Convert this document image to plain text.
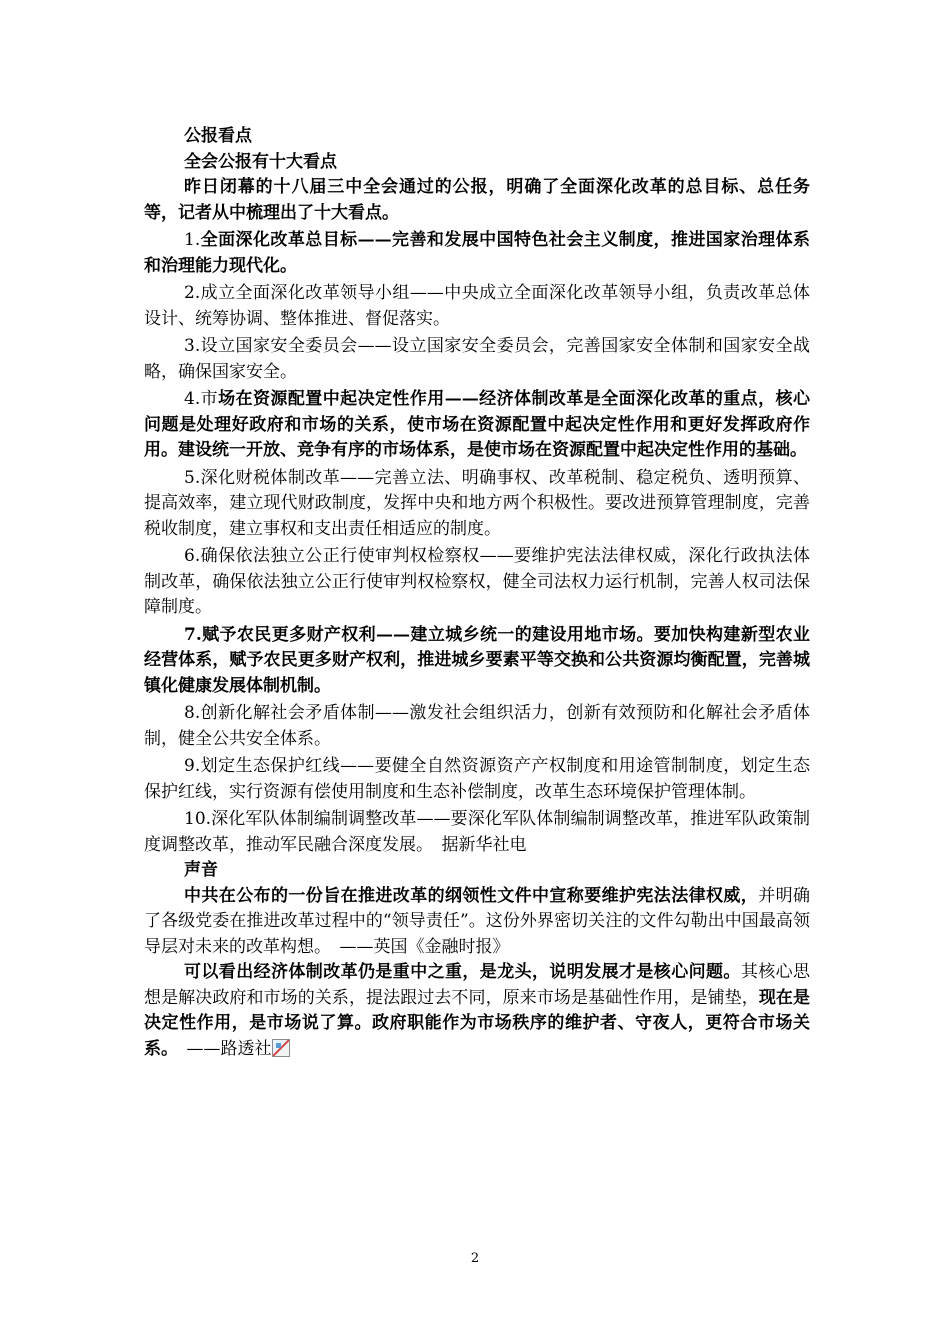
公报看点

全会公报有十大看点

昨日闭幕的十八届三中全会通过的公报，明确了全面深化改革的总目标、总任务等，记者从中梳理出了十大看点。

1.全面深化改革总目标——完善和发展中国特色社会主义制度，推进国家治理体系和治理能力现代化。

2.成立全面深化改革领导小组——中央成立全面深化改革领导小组，负责改革总体设计、统筹协调、整体推进、督促落实。

3.设立国家安全委员会——设立国家安全委员会，完善国家安全体制和国家安全战略，确保国家安全。

4.市场在资源配置中起决定性作用——经济体制改革是全面深化改革的重点，核心问题是处理好政府和市场的关系，使市场在资源配置中起决定性作用和更好发挥政府作用。建设统一开放、竞争有序的市场体系，是使市场在资源配置中起决定性作用的基础。

5.深化财税体制改革——完善立法、明确事权、改革税制、稳定税负、透明预算、提高效率，建立现代财政制度，发挥中央和地方两个积极性。要改进预算管理制度，完善税收制度，建立事权和支出责任相适应的制度。

6.确保依法独立公正行使审判权检察权——要维护宪法法律权威，深化行政执法体制改革，确保依法独立公正行使审判权检察权，健全司法权力运行机制，完善人权司法保障制度。

7.赋予农民更多财产权利——建立城乡统一的建设用地市场。要加快构建新型农业经营体系，赋予农民更多财产权利，推进城乡要素平等交换和公共资源均衡配置，完善城镇化健康发展体制机制。

8.创新化解社会矛盾体制——激发社会组织活力，创新有效预防和化解社会矛盾体制，健全公共安全体系。

9.划定生态保护红线——要健全自然资源资产产权制度和用途管制制度，划定生态保护红线，实行资源有偿使用制度和生态补偿制度，改革生态环境保护管理体制。

10.深化军队体制编制调整改革——要深化军队体制编制调整改革，推进军队政策制度调整改革，推动军民融合深度发展。　据新华社电

声音

中共在公布的一份旨在推进改革的纲领性文件中宣称要维护宪法法律权威，并明确了各级党委在推进改革过程中的“领导责任”。这份外界密切关注的文件勾勒出中国最高领导层对未来的改革构想。　——英国《金融时报》

可以看出经济体制改革仍是重中之重，是龙头，说明发展才是核心问题。其核心思想是解决政府和市场的关系，提法跟过去不同，原来市场是基础性作用，是铺垫，现在是决定性作用，是市场说了算。政府职能作为市场秩序的维护者、守夜人，更符合市场关系。　——路透社

2
